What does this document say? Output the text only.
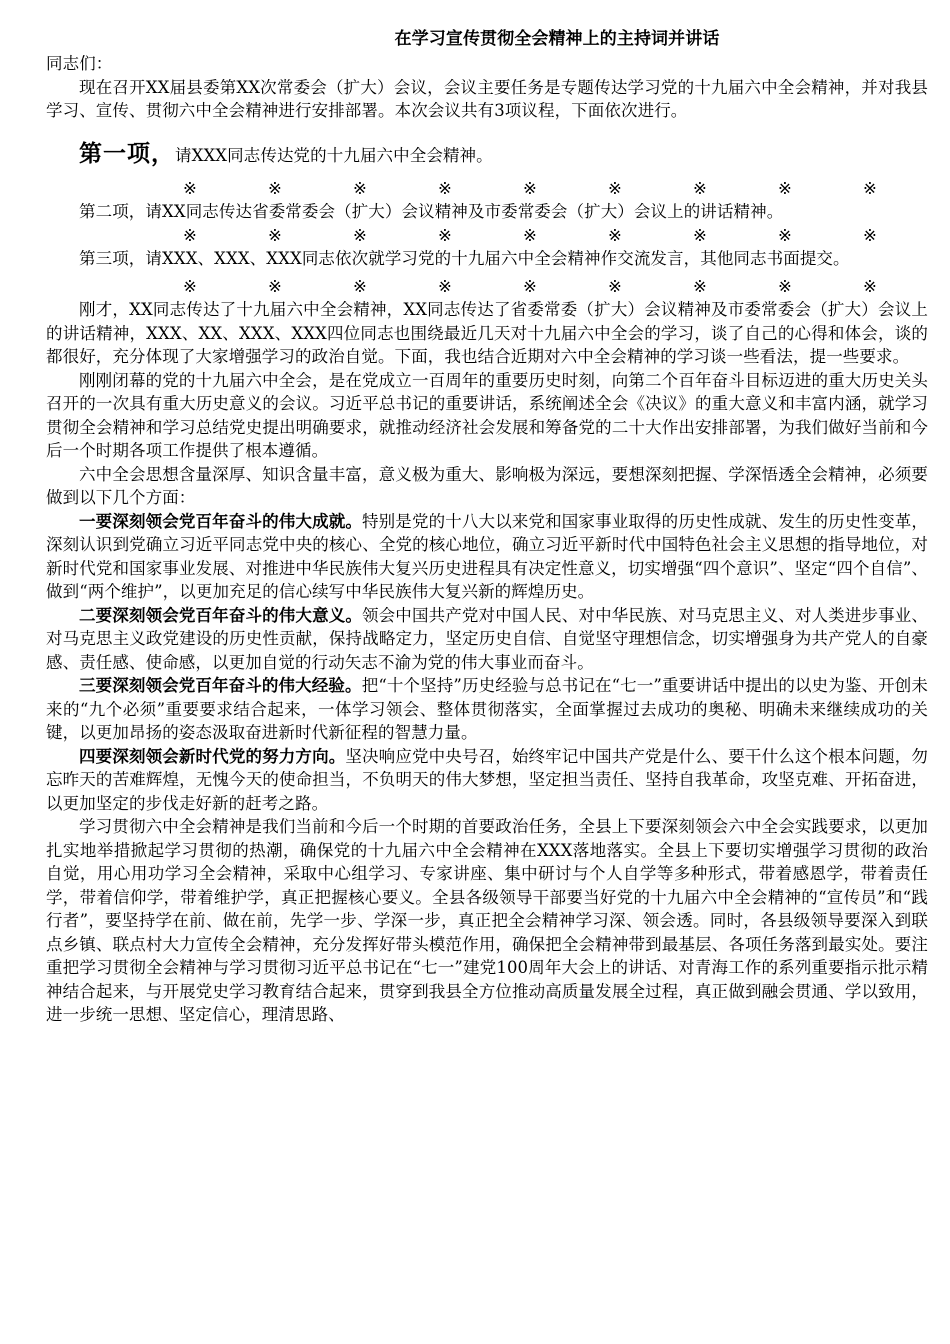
在学习宣传贯彻全会精神上的主持词并讲话
同志们：

现在召开XX届县委第XX次常委会（扩大）会议，会议主要任务是专题传达学习党的十九届六中全会精神，并对我县学习、宣传、贯彻六中全会精神进行安排部署。本次会议共有3项议程，下面依次进行。

第一项，请XXX同志传达党的十九届六中全会精神。
※	※	※	※	※	※	※	※	※

第二项，请XX同志传达省委常委会（扩大）会议精神及市委常委会（扩大）会议上的讲话精神。

※	※	※	※	※	※	※	※	※

第三项，请XXX、XXX、XXX同志依次就学习党的十九届六中全会精神作交流发言，其他同志书面提交。

※	※	※	※	※	※	※	※	※

刚才，XX同志传达了十九届六中全会精神，XX同志传达了省委常委（扩大）会议精神及市委常委会（扩大）会议上的讲话精神，XXX、XX、XXX、XXX四位同志也围绕最近几天对十九届六中全会的学习，谈了自己的心得和体会，谈的都很好，充分体现了大家增强学习的政治自觉。下面，我也结合近期对六中全会精神的学习谈一些看法，提一些要求。

刚刚闭幕的党的十九届六中全会，是在党成立一百周年的重要历史时刻，向第二个百年奋斗目标迈进的重大历史关头召开的一次具有重大历史意义的会议。习近平总书记的重要讲话，系统阐述全会《决议》的重大意义和丰富内涵，就学习贯彻全会精神和学习总结党史提出明确要求，就推动经济社会发展和筹备党的二十大作出安排部署，为我们做好当前和今后一个时期各项工作提供了根本遵循。

六中全会思想含量深厚、知识含量丰富，意义极为重大、影响极为深远，要想深刻把握、学深悟透全会精神，必须要做到以下几个方面：

一要深刻领会党百年奋斗的伟大成就。特别是党的十八大以来党和国家事业取得的历史性成就、发生的历史性变革，深刻认识到党确立习近平同志党中央的核心、全党的核心地位，确立习近平新时代中国特色社会主义思想的指导地位，对新时代党和国家事业发展、对推进中华民族伟大复兴历史进程具有决定性意义，切实增强“四个意识”、坚定“四个自信”、做到“两个维护”，以更加充足的信心续写中华民族伟大复兴新的辉煌历史。

二要深刻领会党百年奋斗的伟大意义。领会中国共产党对中国人民、对中华民族、对马克思主义、对人类进步事业、对马克思主义政党建设的历史性贡献，保持战略定力，坚定历史自信、自觉坚守理想信念，切实增强身为共产党人的自豪感、责任感、使命感，以更加自觉的行动矢志不渝为党的伟大事业而奋斗。

三要深刻领会党百年奋斗的伟大经验。把“十个坚持”历史经验与总书记在“七一”重要讲话中提出的以史为鉴、开创未来的“九个必须”重要要求结合起来，一体学习领会、整体贯彻落实，全面掌握过去成功的奥秘、明确未来继续成功的关键，以更加昂扬的姿态汲取奋进新时代新征程的智慧力量。

四要深刻领会新时代党的努力方向。坚决响应党中央号召，始终牢记中国共产党是什么、要干什么这个根本问题，勿忘昨天的苦难辉煌，无愧今天的使命担当，不负明天的伟大梦想，坚定担当责任、坚持自我革命，攻坚克难、开拓奋进，以更加坚定的步伐走好新的赶考之路。

学习贯彻六中全会精神是我们当前和今后一个时期的首要政治任务，全县上下要深刻领会六中全会实践要求，以更加扎实地举措掀起学习贯彻的热潮，确保党的十九届六中全会精神在XXX落地落实。全县上下要切实增强学习贯彻的政治自觉，用心用功学习全会精神，采取中心组学习、专家讲座、集中研讨与个人自学等多种形式，带着感恩学，带着责任学，带着信仰学，带着维护学，真正把握核心要义。全县各级领导干部要当好党的十九届六中全会精神的“宣传员”和“践行者”，要坚持学在前、做在前，先学一步、学深一步，真正把全会精神学习深、领会透。同时，各县级领导要深入到联点乡镇、联点村大力宣传全会精神，充分发挥好带头模范作用，确保把全会精神带到最基层、各项任务落到最实处。要注重把学习贯彻全会精神与学习贯彻习近平总书记在“七一”建党100周年大会上的讲话、对青海工作的系列重要指示批示精神结合起来，与开展党史学习教育结合起来，贯穿到我县全方位推动高质量发展全过程，真正做到融会贯通、学以致用，进一步统一思想、坚定信心，理清思路、
